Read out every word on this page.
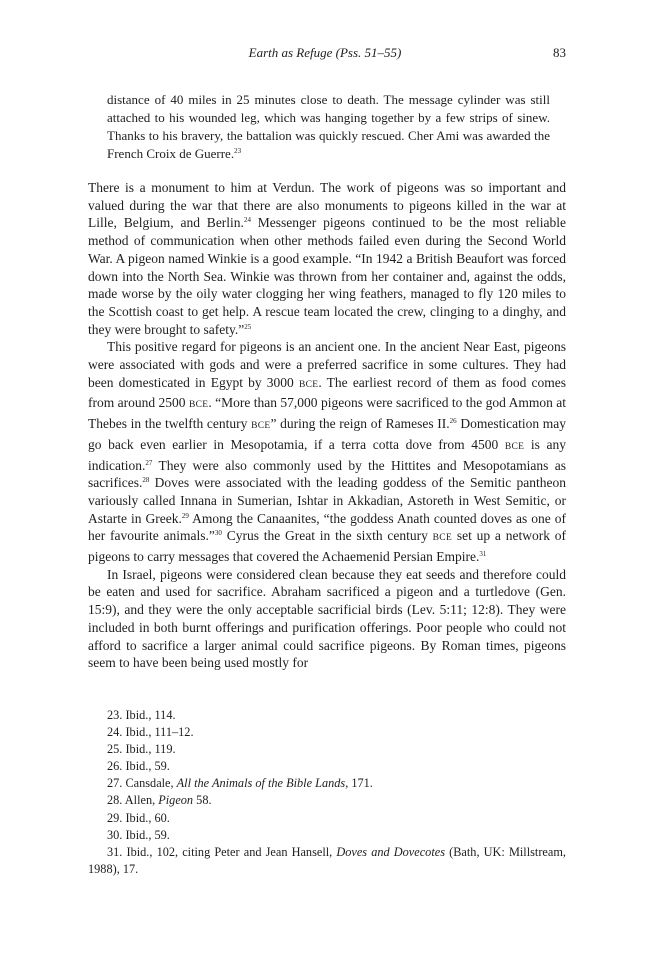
Earth as Refuge (Pss. 51–55)	83

distance of 40 miles in 25 minutes close to death. The message cylinder was still attached to his wounded leg, which was hanging together by a few strips of sinew. Thanks to his bravery, the battalion was quickly rescued. Cher Ami was awarded the French Croix de Guerre.$^{23}$

There is a monument to him at Verdun. The work of pigeons was so important and valued during the war that there are also monuments to pigeons killed in the war at Lille, Belgium, and Berlin.$^{24}$ Messenger pigeons continued to be the most reliable method of communication when other methods failed even during the Second World War. A pigeon named Winkie is a good example. “In 1942 a British Beaufort was forced down into the North Sea. Winkie was thrown from her container and, against the odds, made worse by the oily water clogging her wing feathers, managed to fly 120 miles to the Scottish coast to get help. A rescue team located the crew, clinging to a dinghy, and they were brought to safety.”$^{25}$

This positive regard for pigeons is an ancient one. In the ancient Near East, pigeons were associated with gods and were a preferred sacrifice in some cultures. They had been domesticated in Egypt by 3000 BCE. The earliest record of them as food comes from around 2500 BCE. “More than 57,000 pigeons were sacrificed to the god Ammon at Thebes in the twelfth century BCE” during the reign of Rameses II.$^{26}$ Domestication may go back even earlier in Mesopotamia, if a terra cotta dove from 4500 BCE is any indication.$^{27}$ They were also commonly used by the Hittites and Mesopotamians as sacrifices.$^{28}$ Doves were associated with the leading goddess of the Semitic pantheon variously called Innana in Sumerian, Ishtar in Akkadian, Astoreth in West Semitic, or Astarte in Greek.$^{29}$ Among the Canaanites, “the goddess Anath counted doves as one of her favourite animals.”$^{30}$ Cyrus the Great in the sixth century BCE set up a network of pigeons to carry messages that covered the Achaemenid Persian Empire.$^{31}$

In Israel, pigeons were considered clean because they eat seeds and therefore could be eaten and used for sacrifice. Abraham sacrificed a pigeon and a turtledove (Gen. 15:9), and they were the only acceptable sacrificial birds (Lev. 5:11; 12:8). They were included in both burnt offerings and purification offerings. Poor people who could not afford to sacrifice a larger animal could sacrifice pigeons. By Roman times, pigeons seem to have been being used mostly for

23. Ibid., 114.

24. Ibid., 111–12.

25. Ibid., 119.

26. Ibid., 59.

27. Cansdale, All the Animals of the Bible Lands, 171.

28. Allen, Pigeon 58.

29. Ibid., 60.

30. Ibid., 59.

31. Ibid., 102, citing Peter and Jean Hansell, Doves and Dovecotes (Bath, UK: Millstream, 1988), 17.
